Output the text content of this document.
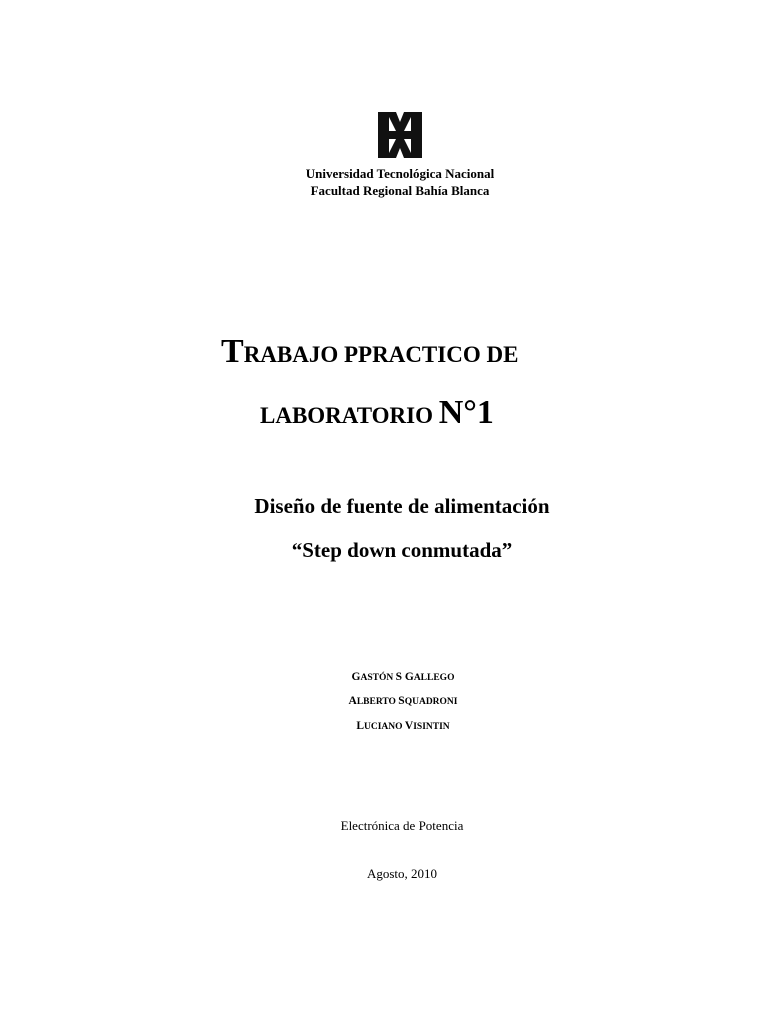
Universidad Tecnológica Nacional
Facultad Regional Bahía Blanca
TRABAJO PPRACTICO DE
LABORATORIO N°1
Diseño de fuente de alimentación
“Step down conmutada”
GASTÓN S GALLEGO
ALBERTO SQUADRONI
LUCIANO VISINTIN
Electrónica de Potencia
Agosto, 2010
